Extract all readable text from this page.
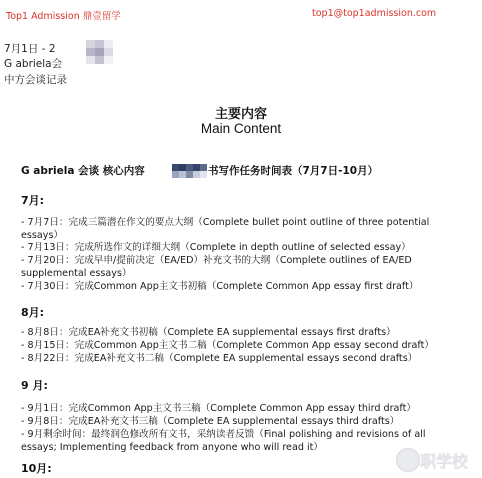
Top1 Admission 鼎壹留学	top1@top1admission.com
7月1日 - 2
G abriela会
中方会谈记录
主要内容
Main Content
G abriela 会谈 核心内容	书写作任务时间表（7月7日-10月）
7月:
- 7月7日：完成三篇潜在作文的要点大纲（Complete bullet point outline of three potential essays）
- 7月13日：完成所选作文的详细大纲（Complete in depth outline of selected essay）
- 7月20日：完成早申/提前决定（EA/ED）补充文书的大纲（Complete outlines of EA/ED supplemental essays）
- 7月30日：完成Common App主文书初稿（Complete Common App essay first draft）
8月:
- 8月8日：完成EA补充文书初稿（Complete EA supplemental essays first drafts）
- 8月15日：完成Common App主文书二稿（Complete Common App essay second draft）
- 8月22日：完成EA补充文书二稿（Complete EA supplemental essays second drafts）
9 月:
- 9月1日：完成Common App主文书三稿（Complete Common App essay third draft）
- 9月8日：完成EA补充文书三稿（Complete EA supplemental essays third drafts）
- 9月剩余时间：最终润色修改所有文书，采纳读者反馈（Final polishing and revisions of all essays; Implementing feedback from anyone who will read it）
10月:	职学校
